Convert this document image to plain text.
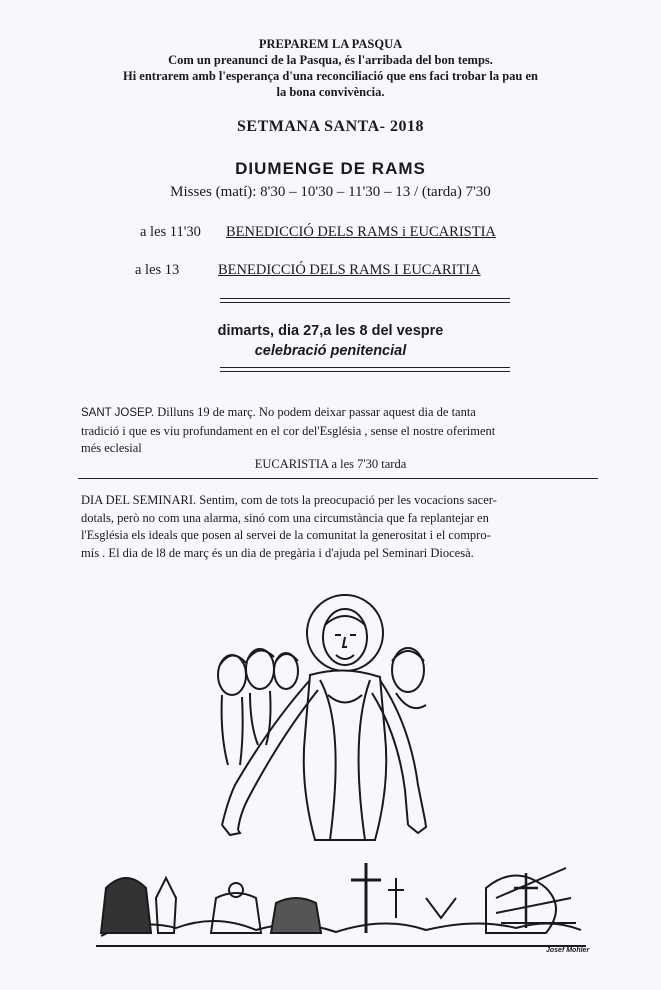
PREPAREM LA PASQUA
Com un preanunci de la Pasqua, és l'arribada del bon temps.
Hi entrarem amb l'esperança d'una reconciliació que ens faci trobar la pau en
la bona convivència.
SETMANA SANTA- 2018
DIUMENGE DE RAMS
Misses (matí): 8'30 – 10'30 – 11'30 – 13 / (tarda) 7'30
a les 11'30 BENEDICCIÓ DELS RAMS i EUCARISTIA
a les 13	BENEDICCIÓ DELS RAMS I EUCARITIA
dimarts, dia 27,a les 8 del vespre
celebració penitencial
SANT JOSEP. Dilluns 19 de març. No podem deixar passar aquest dia de tanta
tradició i que es viu profundament en el cor del'Església , sense el nostre oferiment
més eclesial
EUCARISTIA a les 7'30 tarda
DIA DEL SEMINARI. Sentim, com de tots la preocupació per les vocacions sacer-
dotals, però no com una alarma, sinó com una circumstància que fa replantejar en
l'Església els ideals que posen al servei de la comunitat la generositat i el compro-
mís . El dia de l8 de març és un dia de pregària i d'ajuda pel Seminari Diocesà.
Josef Mohler
